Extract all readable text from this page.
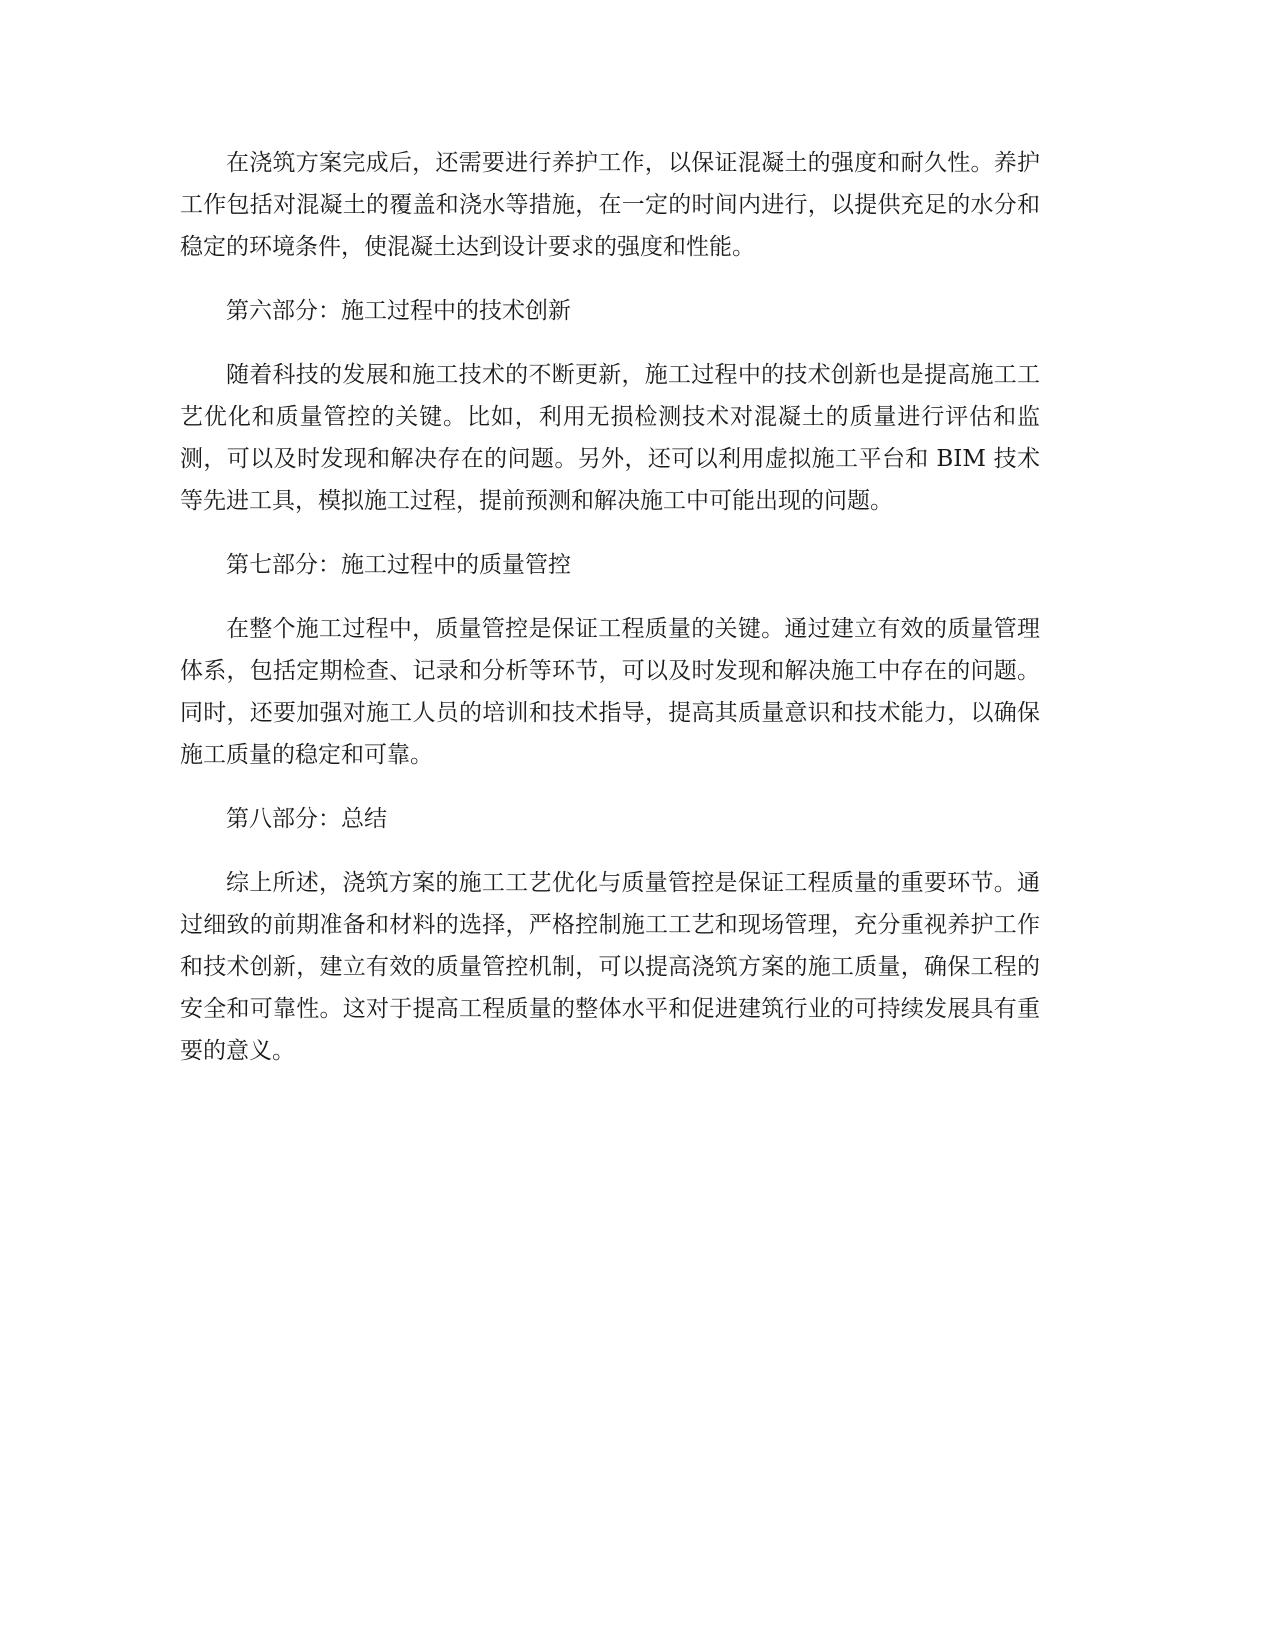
在浇筑方案完成后，还需要进行养护工作，以保证混凝土的强度和耐久性。养护工作包括对混凝土的覆盖和浇水等措施，在一定的时间内进行，以提供充足的水分和稳定的环境条件，使混凝土达到设计要求的强度和性能。

第六部分：施工过程中的技术创新

随着科技的发展和施工技术的不断更新，施工过程中的技术创新也是提高施工工艺优化和质量管控的关键。比如，利用无损检测技术对混凝土的质量进行评估和监测，可以及时发现和解决存在的问题。另外，还可以利用虚拟施工平台和 BIM 技术等先进工具，模拟施工过程，提前预测和解决施工中可能出现的问题。

第七部分：施工过程中的质量管控

在整个施工过程中，质量管控是保证工程质量的关键。通过建立有效的质量管理体系，包括定期检查、记录和分析等环节，可以及时发现和解决施工中存在的问题。同时，还要加强对施工人员的培训和技术指导，提高其质量意识和技术能力，以确保施工质量的稳定和可靠。

第八部分：总结

综上所述，浇筑方案的施工工艺优化与质量管控是保证工程质量的重要环节。通过细致的前期准备和材料的选择，严格控制施工工艺和现场管理，充分重视养护工作和技术创新，建立有效的质量管控机制，可以提高浇筑方案的施工质量，确保工程的安全和可靠性。这对于提高工程质量的整体水平和促进建筑行业的可持续发展具有重要的意义。
